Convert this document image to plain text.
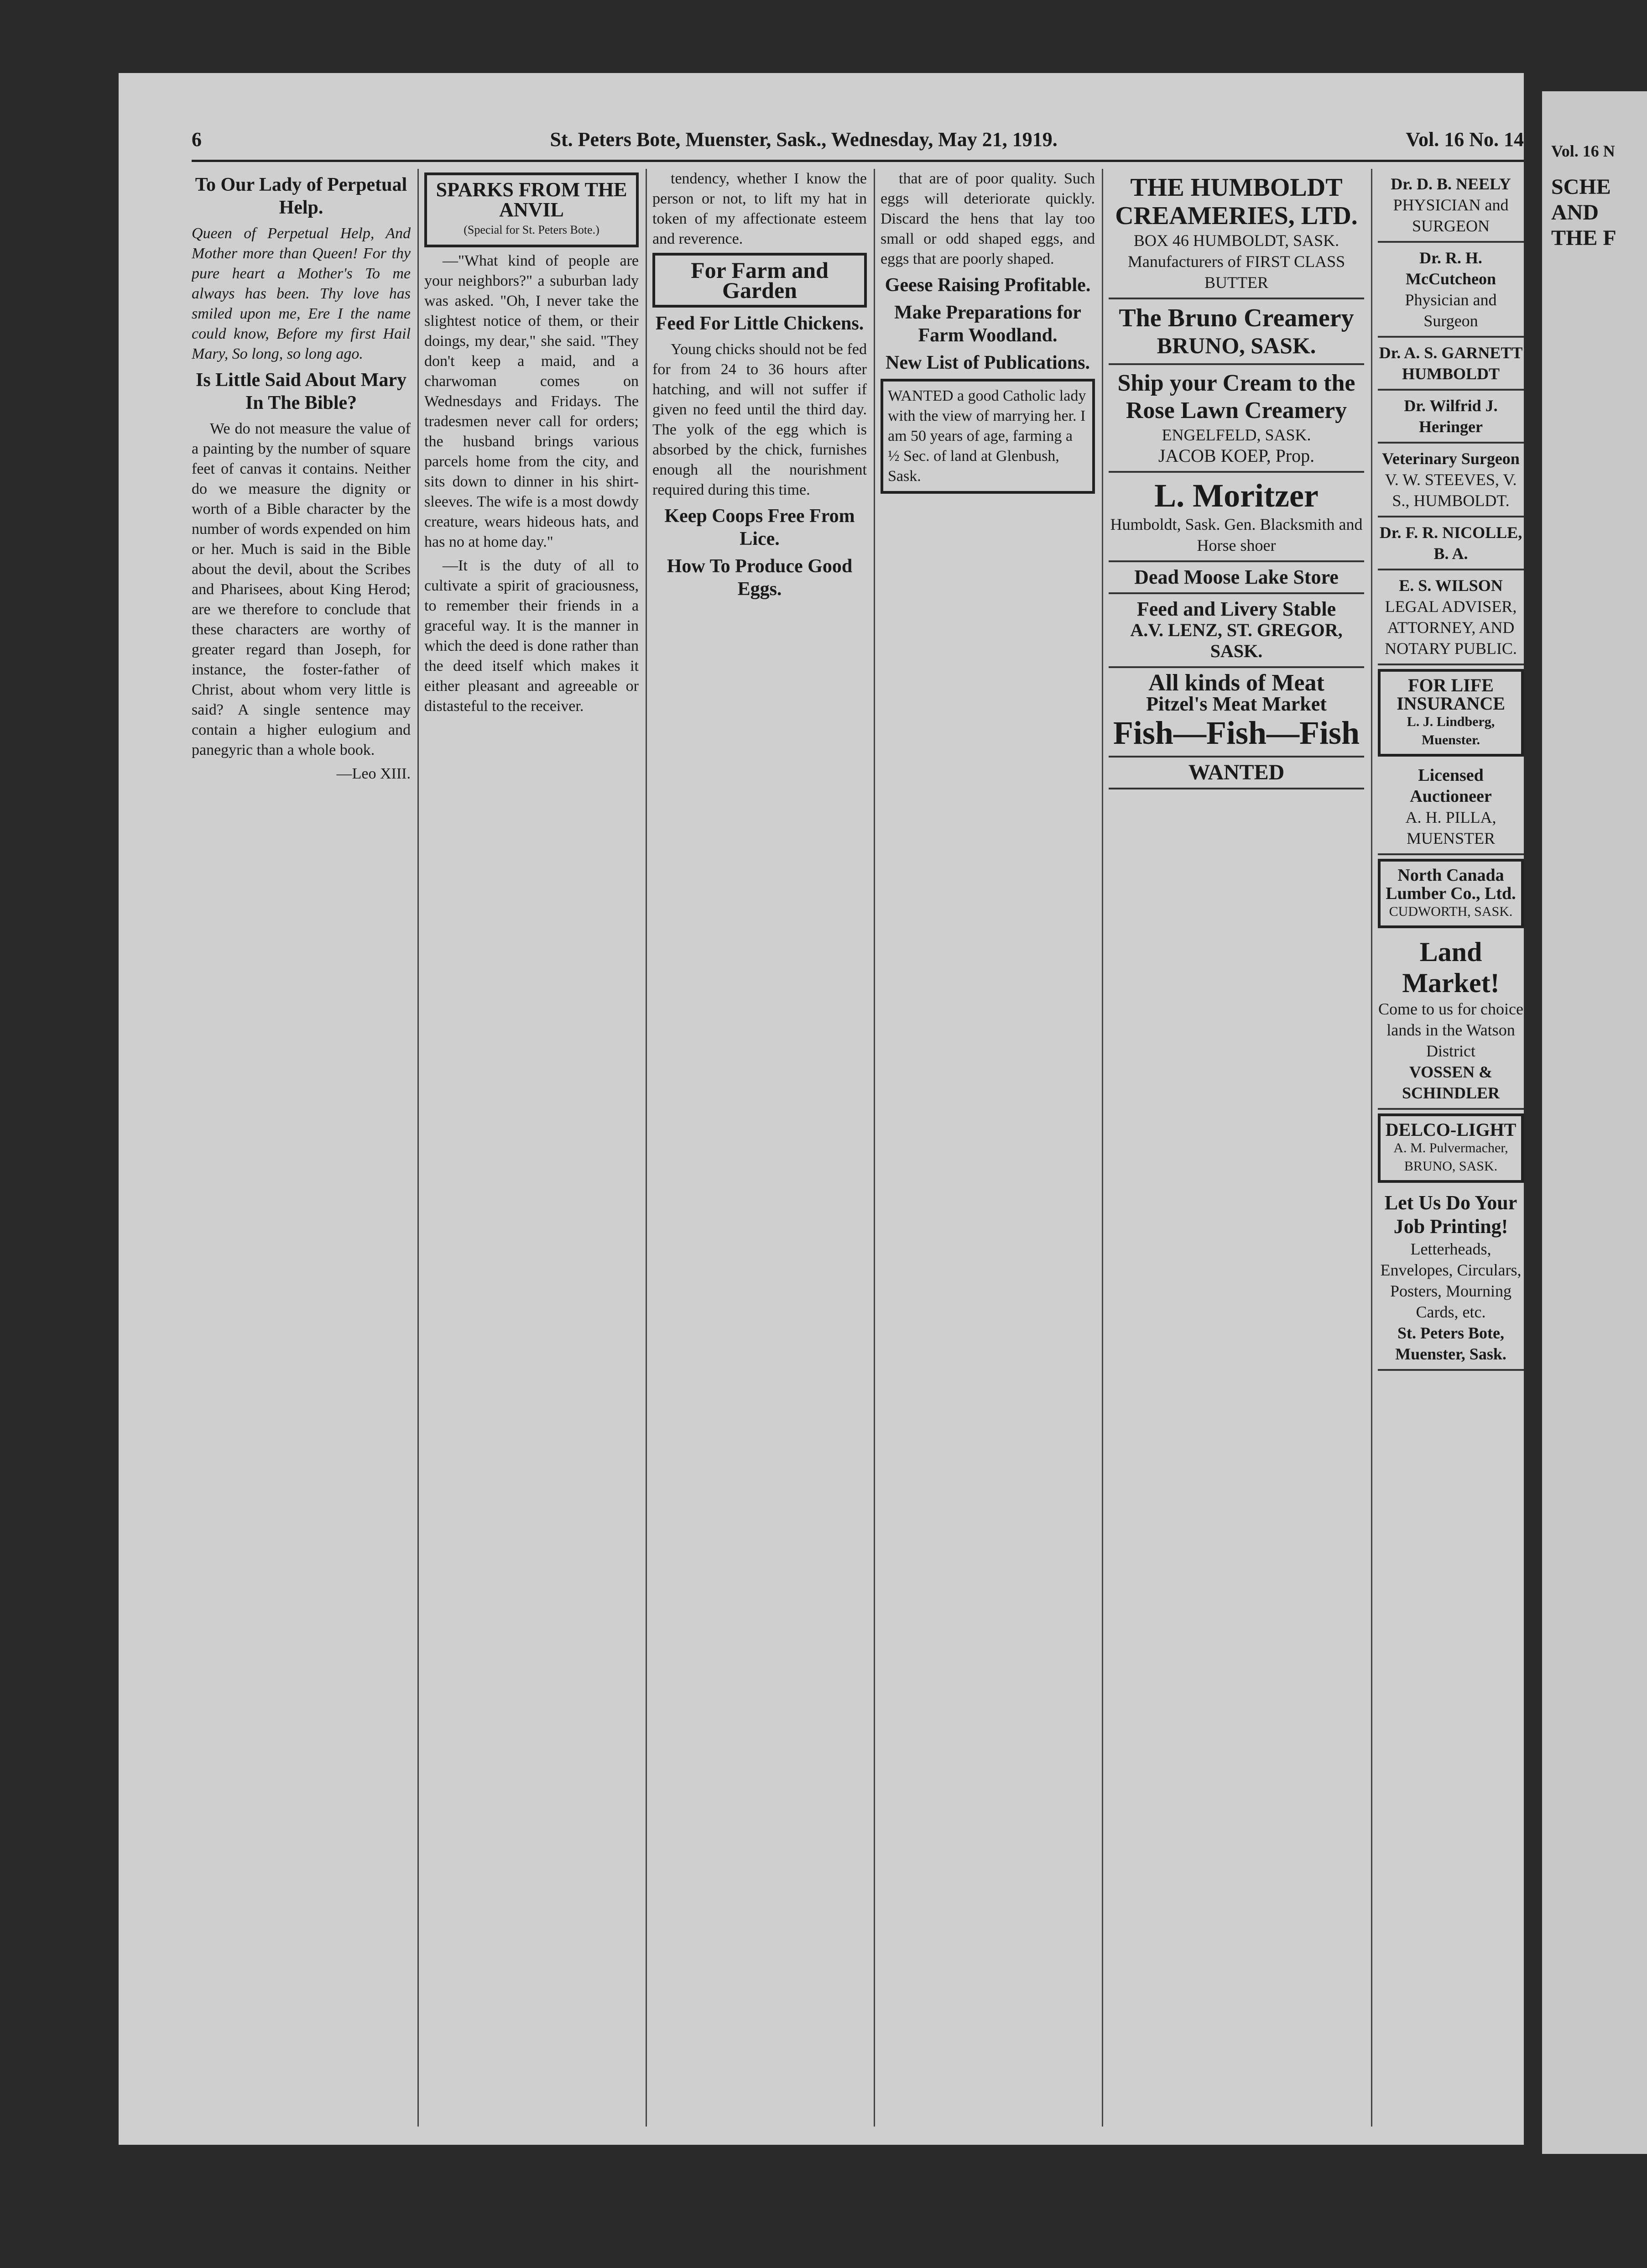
6	St. Peters Bote, Muenster, Sask., Wednesday, May 21, 1919.	Vol. 16 No. 14
To Our Lady of Perpetual Help.

Queen of Perpetual Help, And Mother more than Queen! For thy pure heart a Mother's To me always has been. Thy love has smiled upon me, Ere I the name could know, Before my first Hail Mary, So long, so long ago.

Is Little Said About Mary In The Bible?

We do not measure the value of a painting by the number of square feet of canvas it contains. Neither do we measure the dignity or worth of a Bible character by the number of words expended on him or her. Much is said in the Bible about the devil, about the Scribes and Pharisees, about King Herod; are we therefore to conclude that these characters are worthy of greater regard than Joseph, for instance, the foster-father of Christ, about whom very little is said? A single sentence may contain a higher eulogium and panegyric than a whole book.

—Leo XIII.

SPARKS FROM THE ANVIL
(Special for St. Peters Bote.)

—"What kind of people are your neighbors?" a suburban lady was asked. "Oh, I never take the slightest notice of them, or their doings, my dear," she said. "They don't keep a maid, and a charwoman comes on Wednesdays and Fridays. The tradesmen never call for orders; the husband brings various parcels home from the city, and sits down to dinner in his shirt-sleeves. The wife is a most dowdy creature, wears hideous hats, and has no at home day."

—It is the duty of all to cultivate a spirit of graciousness, to remember their friends in a graceful way. It is the manner in which the deed is done rather than the deed itself which makes it either pleasant and agreeable or distasteful to the receiver.

tendency, whether I know the person or not, to lift my hat in token of my affectionate esteem and reverence.

For Farm and Garden
Feed For Little Chickens.

Young chicks should not be fed for from 24 to 36 hours after hatching, and will not suffer if given no feed until the third day. The yolk of the egg which is absorbed by the chick, furnishes enough all the nourishment required during this time.

Keep Coops Free From Lice.
How To Produce Good Eggs.

that are of poor quality. Such eggs will deteriorate quickly. Discard the hens that lay too small or odd shaped eggs, and eggs that are poorly shaped.

Geese Raising Profitable.
Make Preparations for Farm Woodland.
New List of Publications.
WANTED a good Catholic lady with the view of marrying her. I am 50 years of age, farming a ½ Sec. of land at Glenbush, Sask.
THE HUMBOLDT CREAMERIES, LTD.
BOX 46 HUMBOLDT, SASK. Manufacturers of FIRST CLASS BUTTER
The Bruno Creamery
BRUNO, SASK.
Ship your Cream to the Rose Lawn Creamery
ENGELFELD, SASK.
JACOB KOEP, Prop.
L. Moritzer
Humboldt, Sask. Gen. Blacksmith and Horse shoer
Dead Moose Lake Store
Feed and Livery Stable
A.V. LENZ, ST. GREGOR, SASK.
All kinds of Meat
Pitzel's Meat Market
Fish—Fish—Fish
WANTED
Dr. D. B. NEELY
PHYSICIAN and SURGEON
Dr. R. H. McCutcheon
Physician and Surgeon
Dr. A. S. GARNETT HUMBOLDT
Dr. Wilfrid J. Heringer
Veterinary Surgeon
V. W. STEEVES, V. S., HUMBOLDT.
Dr. F. R. NICOLLE, B. A.
E. S. WILSON
LEGAL ADVISER, ATTORNEY, AND NOTARY PUBLIC.
FOR LIFE INSURANCE
L. J. Lindberg, Muenster.
Licensed Auctioneer
A. H. PILLA, MUENSTER
North Canada Lumber Co., Ltd.
CUDWORTH, SASK.
Land Market!
Come to us for choice lands in the Watson District
VOSSEN & SCHINDLER
DELCO-LIGHT
A. M. Pulvermacher, BRUNO, SASK.
Let Us Do Your Job Printing!
Letterheads, Envelopes, Circulars, Posters, Mourning Cards, etc.
St. Peters Bote, Muenster, Sask.
Vol. 16 N
SCHE AND THE F
